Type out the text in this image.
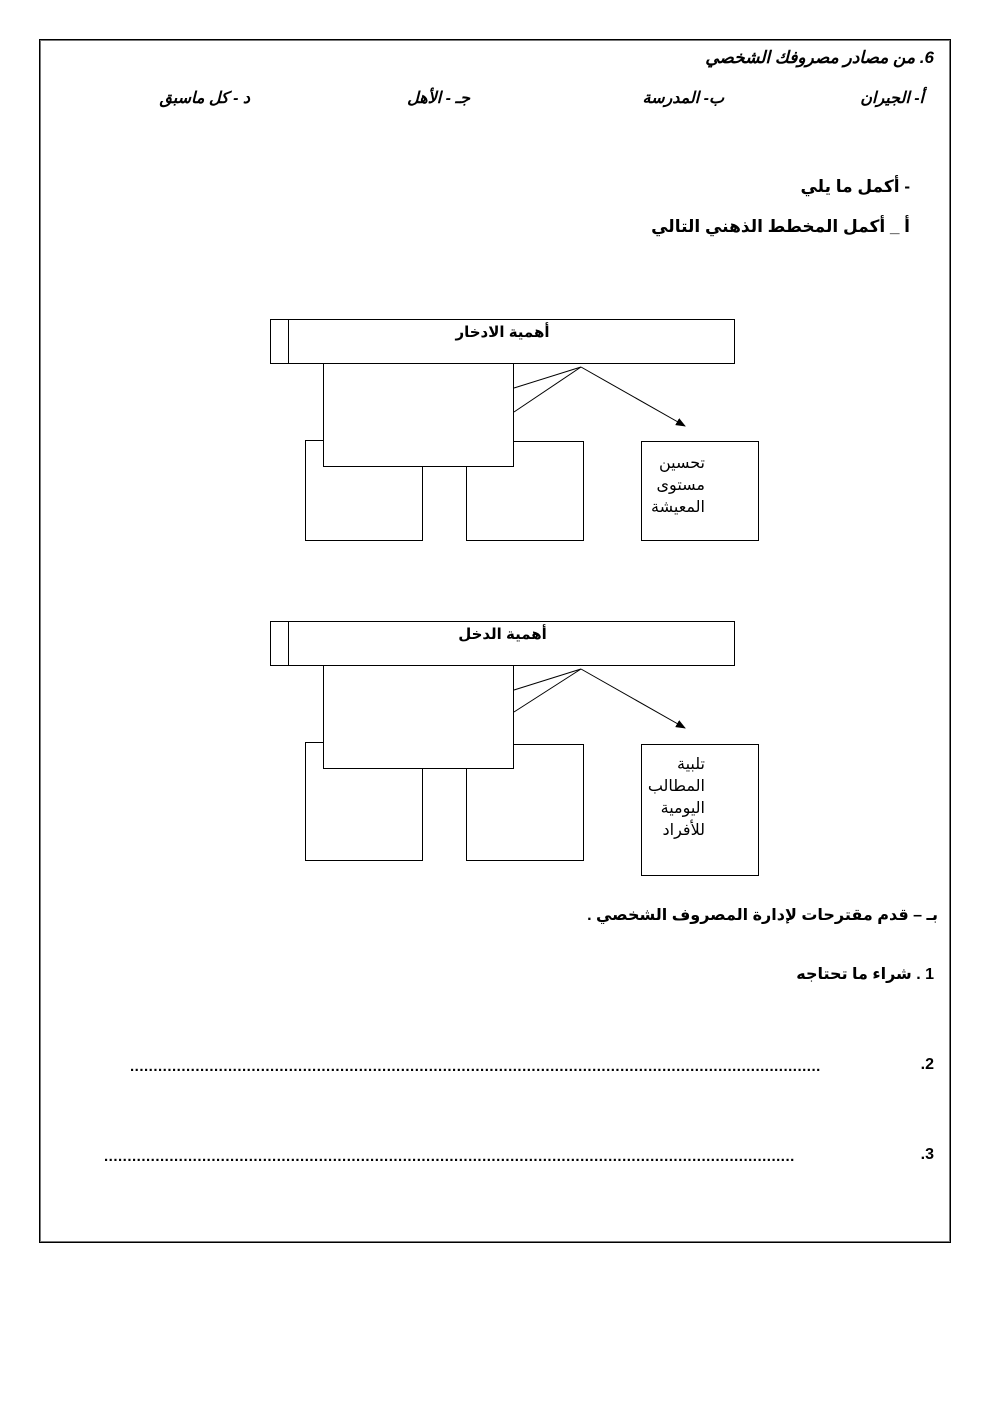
6. من مصادر مصروفك الشخصي
أ- الجيران
ب- المدرسة
جـ - الأهل
د - كل ماسبق
- أكمل ما يلي
أ _ أكمل المخطط الذهني التالي
أهمية الادخار
تحسين
مستوى
المعيشة
أهمية الدخل
تلبية
المطالب
اليومية
للأفراد
بـ – قدم مقترحات لإدارة المصروف الشخصي .
1 . شراء ما تحتاجه
2.
....................................................................................................................................................
3.
....................................................................................................................................................
